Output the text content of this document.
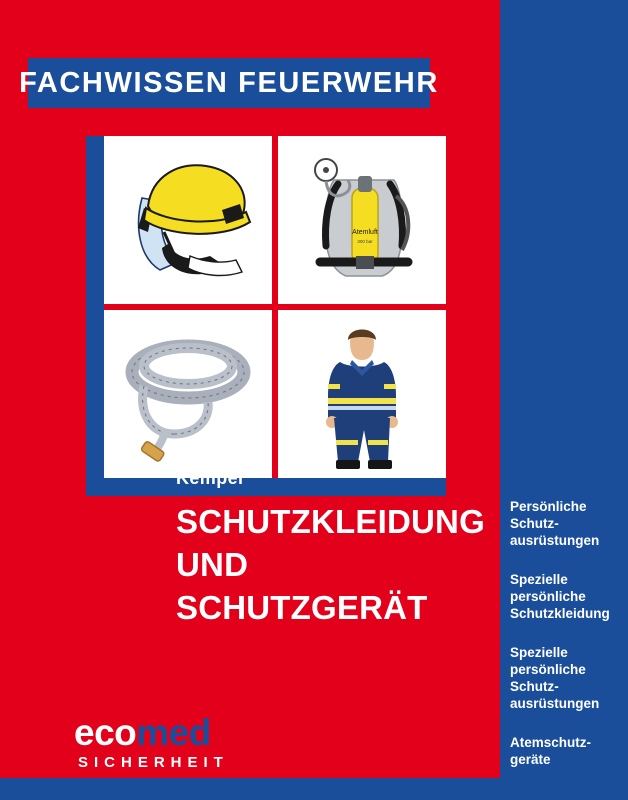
FACHWISSEN FEUERWEHR
Atemluft
300 bar
Kemper
SCHUTZKLEIDUNG
UND
SCHUTZGERÄT
ecomed
SICHERHEIT
Persönliche
Schutz-
ausrüstungen
Spezielle
persönliche
Schutzkleidung
Spezielle
persönliche
Schutz-
ausrüstungen
Atemschutz-
geräte
